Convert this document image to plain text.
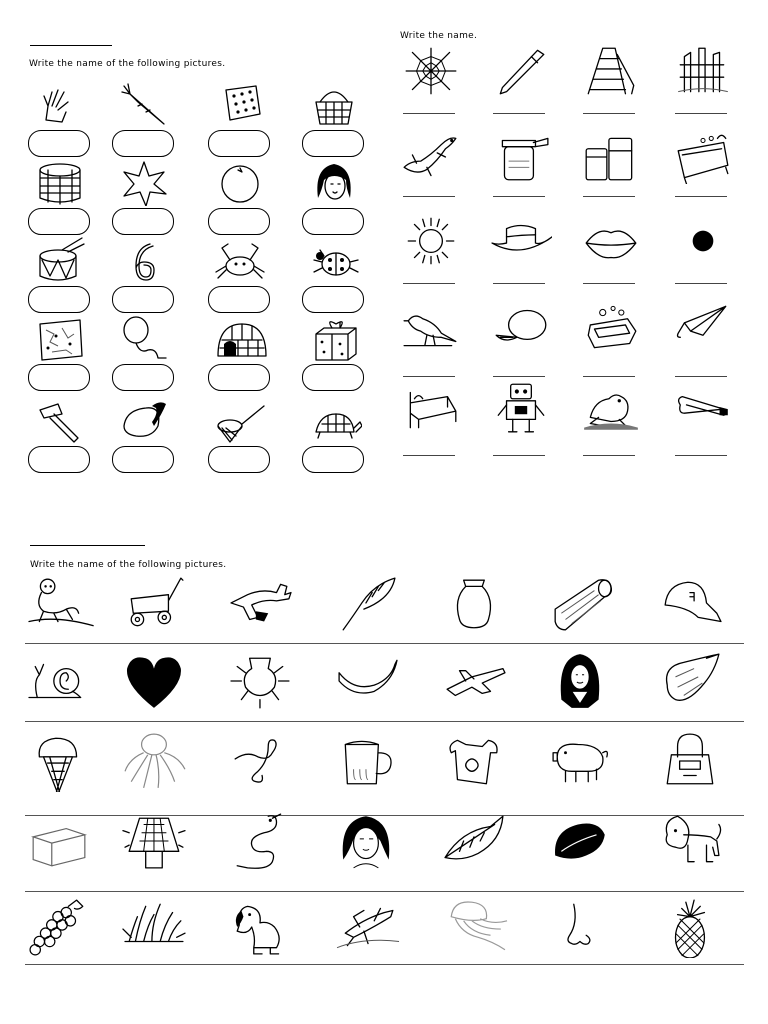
Write the name of the following pictures.
Write the name.
Write the name of the following pictures.
